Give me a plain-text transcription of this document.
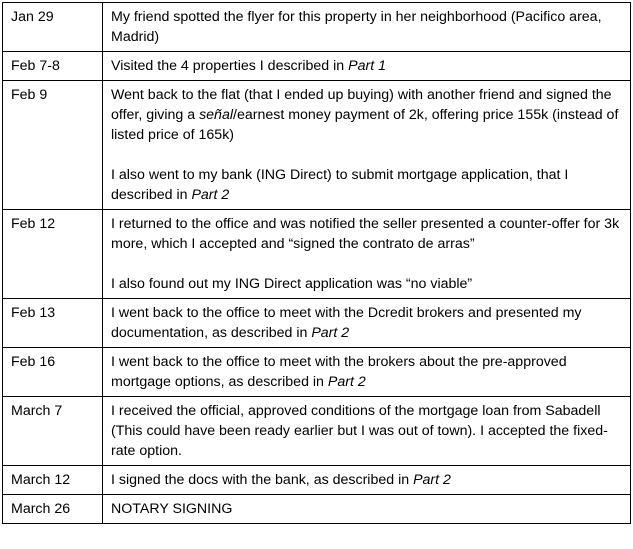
Jan 29	My friend spotted the flyer for this property in her neighborhood (Pacifico area, Madrid)

Feb 7-8	Visited the 4 properties I described in Part 1

Feb 9	Went back to the flat (that I ended up buying) with another friend and signed the offer, giving a señal/earnest money payment of 2k, offering price 155k (instead of listed price of 165k)

I also went to my bank (ING Direct) to submit mortgage application, that I described in Part 2

Feb 12	I returned to the office and was notified the seller presented a counter-offer for 3k more, which I accepted and “signed the contrato de arras”

I also found out my ING Direct application was “no viable”

Feb 13	I went back to the office to meet with the Dcredit brokers and presented my documentation, as described in Part 2

Feb 16	I went back to the office to meet with the brokers about the pre-approved mortgage options, as described in Part 2

March 7	I received the official, approved conditions of the mortgage loan from Sabadell (This could have been ready earlier but I was out of town). I accepted the fixed-rate option.

March 12	I signed the docs with the bank, as described in Part 2

March 26	NOTARY SIGNING
